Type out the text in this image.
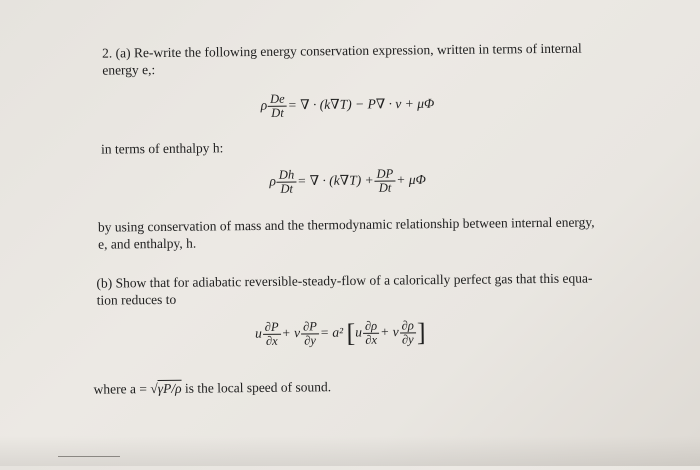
2. (a) Re-write the following energy conservation expression, written in terms of internal
energy e,:
ρ $\frac{De}{Dt}$ = ∇ · (k∇T) − P∇ · v + μΦ
in terms of enthalpy h:
ρ $\frac{Dh}{Dt}$ = ∇ · $(k\nabla T) + \frac{DP}{Dt} + \mu\Phi$
by using conservation of mass and the thermodynamic relationship between internal energy,
e, and enthalpy, h.
(b) Show that for adiabatic reversible-steady-flow of a calorically perfect gas that this equa-
tion reduces to
u $\frac{\partial P}{\partial x} + v \frac{\partial P}{\partial y} = a^2$ [$u \frac{\partial\rho}{\partial x} + v \frac{\partial\rho}{\partial y}$ ]
where a = √γP/ρ is the local speed of sound.
